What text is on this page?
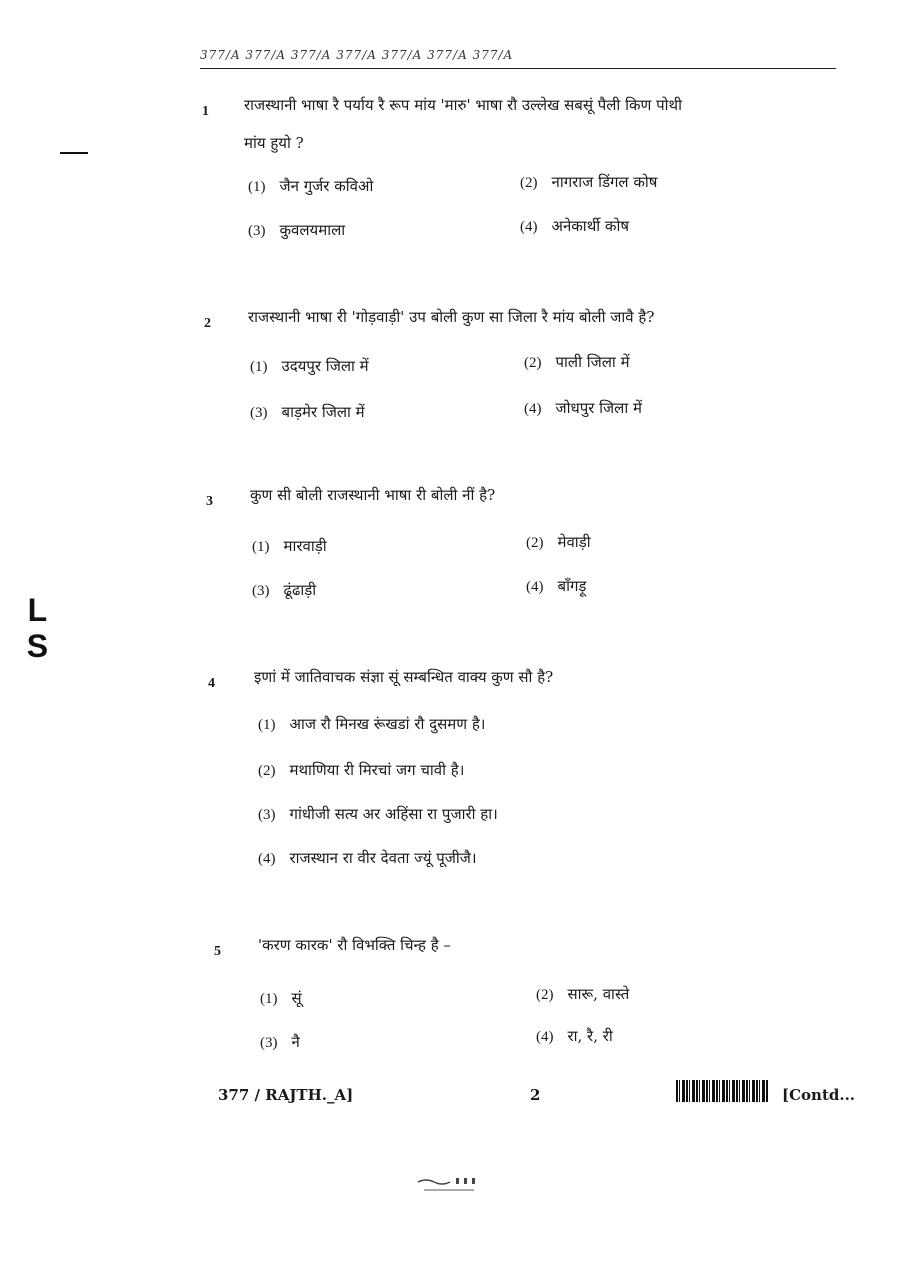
377/A 377/A 377/A 377/A 377/A 377/A 377/A
LS
1 राजस्थानी भाषा रै पर्याय रै रूप मांय 'मारु' भाषा रौ उल्लेख सबसूं पैली किण पोथी
मांय हुयो ?
(1) जैन गुर्जर कविओ	(2) नागराज डिंगल कोष
(3) कुवलयमाला	(4) अनेकार्थी कोष
2 राजस्थानी भाषा री 'गोड़वाड़ी' उप बोली कुण सा जिला रै मांय बोली जावै है?
(1) उदयपुर जिला में	(2) पाली जिला में
(3) बाड़मेर जिला में	(4) जोधपुर जिला में
3 कुण सी बोली राजस्थानी भाषा री बोली नीं है?
(1) मारवाड़ी	(2) मेवाड़ी
(3) ढूंढाड़ी	(4) बाँगड़ू
4	इणां में जातिवाचक संज्ञा सूं सम्बन्धित वाक्य कुण सौ है?
(1) आज रौ मिनख रूंखडां रौ दुसमण है।
(2) मथाणिया री मिरचां जग चावी है।
(3) गांधीजी सत्य अर अहिंसा रा पुजारी हा।
(4) राजस्थान रा वीर देवता ज्यूं पूजीजै।
5 'करण कारक' रौ विभक्ति चिन्ह है –
(1) सूं	(2) सारू, वास्ते
(3) नै	(4) रा, रै, री
377 / RAJTH._A]	2	[Contd...
